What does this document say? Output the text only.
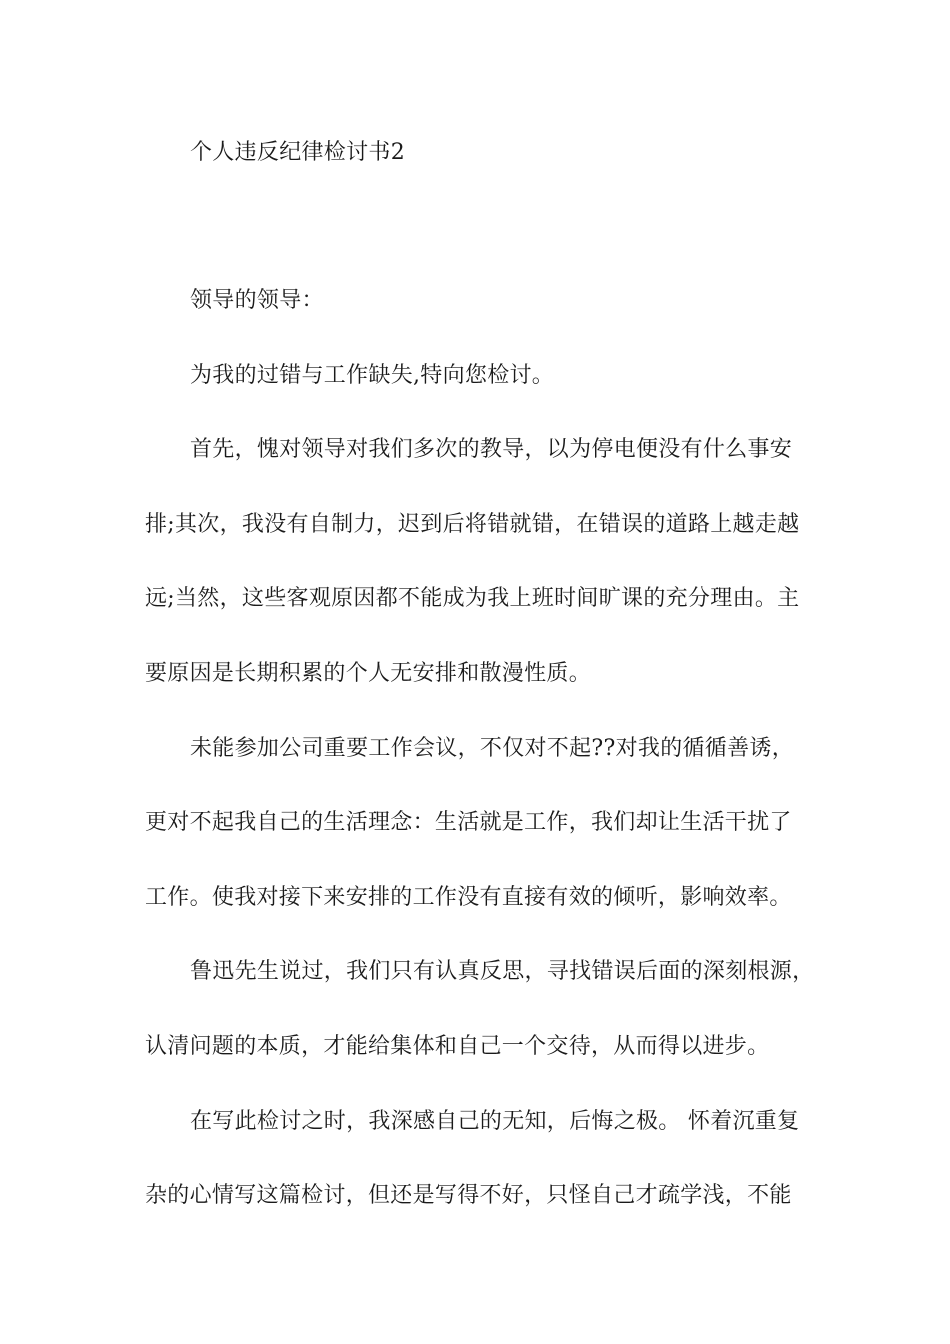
个人违反纪律检讨书2
领导的领导：
为我的过错与工作缺失,特向您检讨。
首先，愧对领导对我们多次的教导，以为停电便没有什么事安
排;其次，我没有自制力，迟到后将错就错，在错误的道路上越走越
远;当然，这些客观原因都不能成为我上班时间旷课的充分理由。主
要原因是长期积累的个人无安排和散漫性质。
未能参加公司重要工作会议，不仅对不起??对我的循循善诱，
更对不起我自己的生活理念：生活就是工作，我们却让生活干扰了
工作。使我对接下来安排的工作没有直接有效的倾听，影响效率。
鲁迅先生说过，我们只有认真反思，寻找错误后面的深刻根源，
认清问题的本质，才能给集体和自己一个交待，从而得以进步。
在写此检讨之时，我深感自己的无知，后悔之极。 怀着沉重复
杂的心情写这篇检讨，但还是写得不好，只怪自己才疏学浅，不能
